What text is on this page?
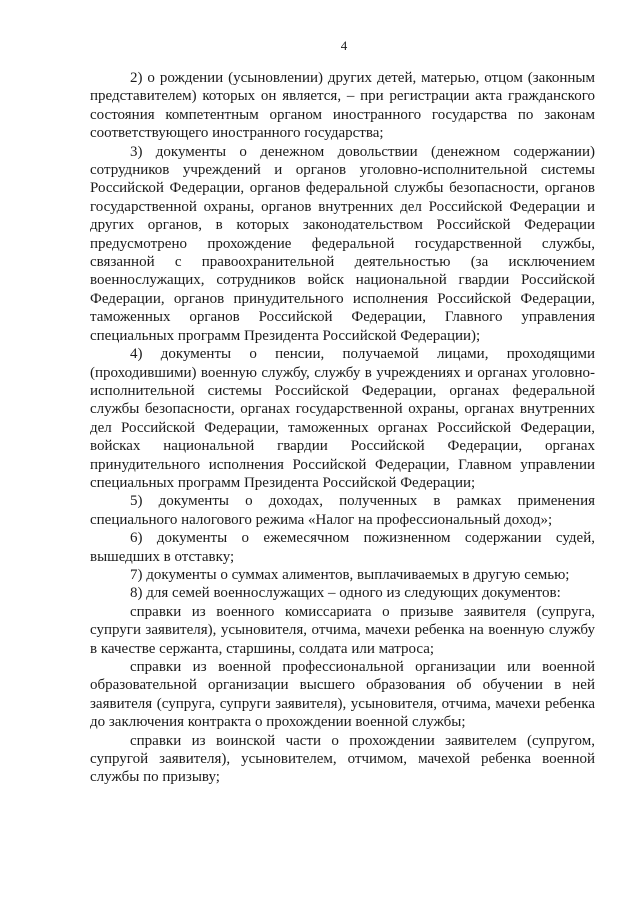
4

2) о рождении (усыновлении) других детей, матерью, отцом (законным представителем) которых он является, – при регистрации акта гражданского состояния компетентным органом иностранного государства по законам соответствующего иностранного государства;

3) документы о денежном довольствии (денежном содержании) сотрудников учреждений и органов уголовно-исполнительной системы Российской Федерации, органов федеральной службы безопасности, органов государственной охраны, органов внутренних дел Российской Федерации и других органов, в которых законодательством Российской Федерации предусмотрено прохождение федеральной государственной службы, связанной с правоохранительной деятельностью (за исключением военнослужащих, сотрудников войск национальной гвардии Российской Федерации, органов принудительного исполнения Российской Федерации, таможенных органов Российской Федерации, Главного управления специальных программ Президента Российской Федерации);

4) документы о пенсии, получаемой лицами, проходящими (проходившими) военную службу, службу в учреждениях и органах уголовно-исполнительной системы Российской Федерации, органах федеральной службы безопасности, органах государственной охраны, органах внутренних дел Российской Федерации, таможенных органах Российской Федерации, войсках национальной гвардии Российской Федерации, органах принудительного исполнения Российской Федерации, Главном управлении специальных программ Президента Российской Федерации;

5) документы о доходах, полученных в рамках применения специального налогового режима «Налог на профессиональный доход»;

6) документы о ежемесячном пожизненном содержании судей, вышедших в отставку;

7) документы о суммах алиментов, выплачиваемых в другую семью;

8) для семей военнослужащих – одного из следующих документов:

справки из военного комиссариата о призыве заявителя (супруга, супруги заявителя), усыновителя, отчима, мачехи ребенка на военную службу в качестве сержанта, старшины, солдата или матроса;

справки из военной профессиональной организации или военной образовательной организации высшего образования об обучении в ней заявителя (супруга, супруги заявителя), усыновителя, отчима, мачехи ребенка до заключения контракта о прохождении военной службы;

справки из воинской части о прохождении заявителем (супругом, супругой заявителя), усыновителем, отчимом, мачехой ребенка военной службы по призыву;
